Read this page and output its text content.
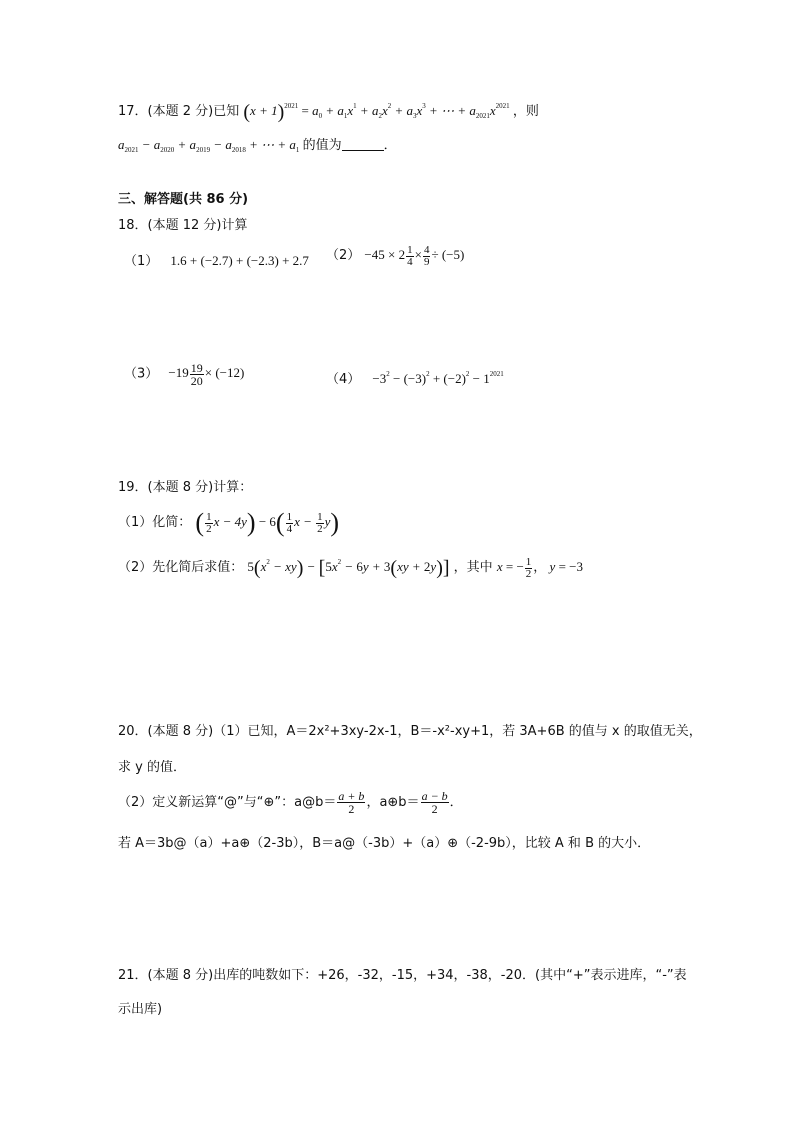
17．(本题 2 分)已知 $(x + 1)^{2021} = a_0 + a_1x^1 + a_2x^2 + a_3x^3$ + ⋯ + $a_{2021}x^{2021}$ ，则
$a_{2021} - a_{2020} + a_{2019} - a_{2018}$ + ⋯ + $a_1$ 的值为	．
三、解答题(共 86 分)
18．(本题 12 分)计算
（1） 1.6 + (−2.7) + (−2.3) + 2.7 $(2) -45 \times 2 \frac{1}{4} \times \frac{4}{9} \div (-5)$
$(3) -19 \frac{19}{20} \times (-12)$	$(4) -3^2 - (-3)^2 + (-2)^2 - 1^{2021}$
19．(本题 8 分)计算：
（1）化简： ( $\frac{1}{2}$ $x - 4y) - 6( \frac{1}{4}$ $x - \frac{1}{2} y$)
（2）先化简后求值： $5(x^2 - xy) - [5x^2 - 6y + 3(xy + 2y)]$ ，其中 x = − $\frac{1}{2}$ ， y = −3
20．(本题 8 分)（1）已知，A＝2x²+3xy-2x-1，B＝-x²-xy+1，若 3A+6B 的值与 x 的取值无关，
求 y 的值．
（2）定义新运算“@”与“⊕”：a@b＝ $\frac{a + b}{2}$ ，a⊕b＝ $\frac{a - b}{2}$ ．
若 A＝3b@（a）+a⊕（2-3b），B＝a@（-3b）+（a）⊕（-2-9b），比较 A 和 B 的大小．
21．(本题 8 分)出库的吨数如下：+26，-32，-15，+34，-38，-20．(其中“+”表示进库，“-”表
示出库)
